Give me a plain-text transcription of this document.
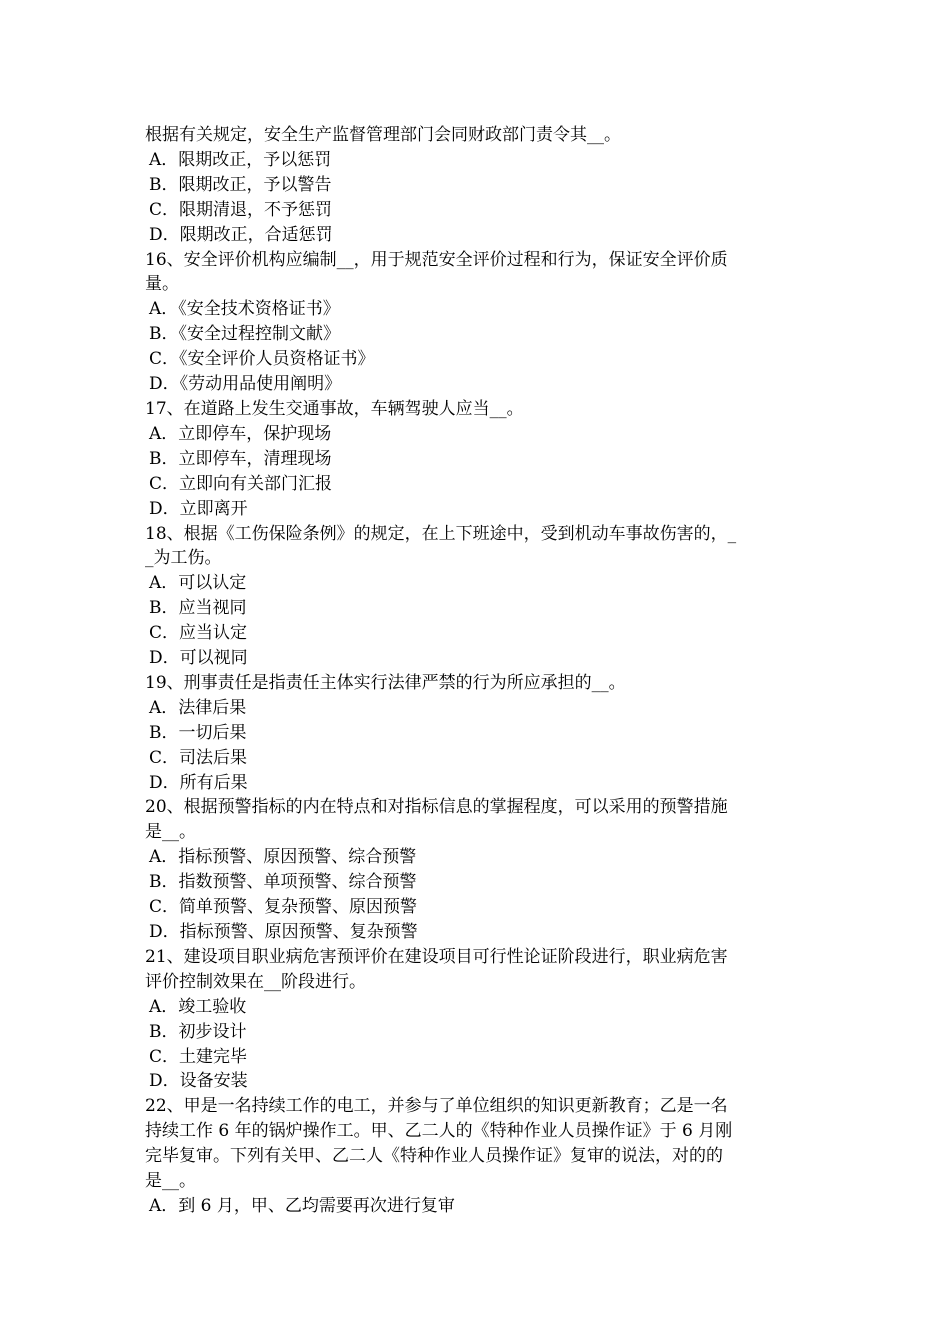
根据有关规定，安全生产监督管理部门会同财政部门责令其__。
A．限期改正，予以惩罚
B．限期改正，予以警告
C．限期清退，不予惩罚
D．限期改正，合适惩罚
16、安全评价机构应编制__，用于规范安全评价过程和行为，保证安全评价质
量。
A．《安全技术资格证书》
B．《安全过程控制文献》
C．《安全评价人员资格证书》
D．《劳动用品使用阐明》
17、在道路上发生交通事故，车辆驾驶人应当__。
A．立即停车，保护现场
B．立即停车，清理现场
C．立即向有关部门汇报
D．立即离开
18、根据《工伤保险条例》的规定，在上下班途中，受到机动车事故伤害的，_
_为工伤。
A．可以认定
B．应当视同
C．应当认定
D．可以视同
19、刑事责任是指责任主体实行法律严禁的行为所应承担的__。
A．法律后果
B．一切后果
C．司法后果
D．所有后果
20、根据预警指标的内在特点和对指标信息的掌握程度，可以采用的预警措施
是__。
A．指标预警、原因预警、综合预警
B．指数预警、单项预警、综合预警
C．简单预警、复杂预警、原因预警
D．指标预警、原因预警、复杂预警
21、建设项目职业病危害预评价在建设项目可行性论证阶段进行，职业病危害
评价控制效果在__阶段进行。
A．竣工验收
B．初步设计
C．土建完毕
D．设备安装
22、甲是一名持续工作的电工，并参与了单位组织的知识更新教育；乙是一名
持续工作 6 年的锅炉操作工。甲、乙二人的《特种作业人员操作证》于 6 月刚
完毕复审。下列有关甲、乙二人《特种作业人员操作证》复审的说法，对的的
是__。
A．到 6 月，甲、乙均需要再次进行复审
